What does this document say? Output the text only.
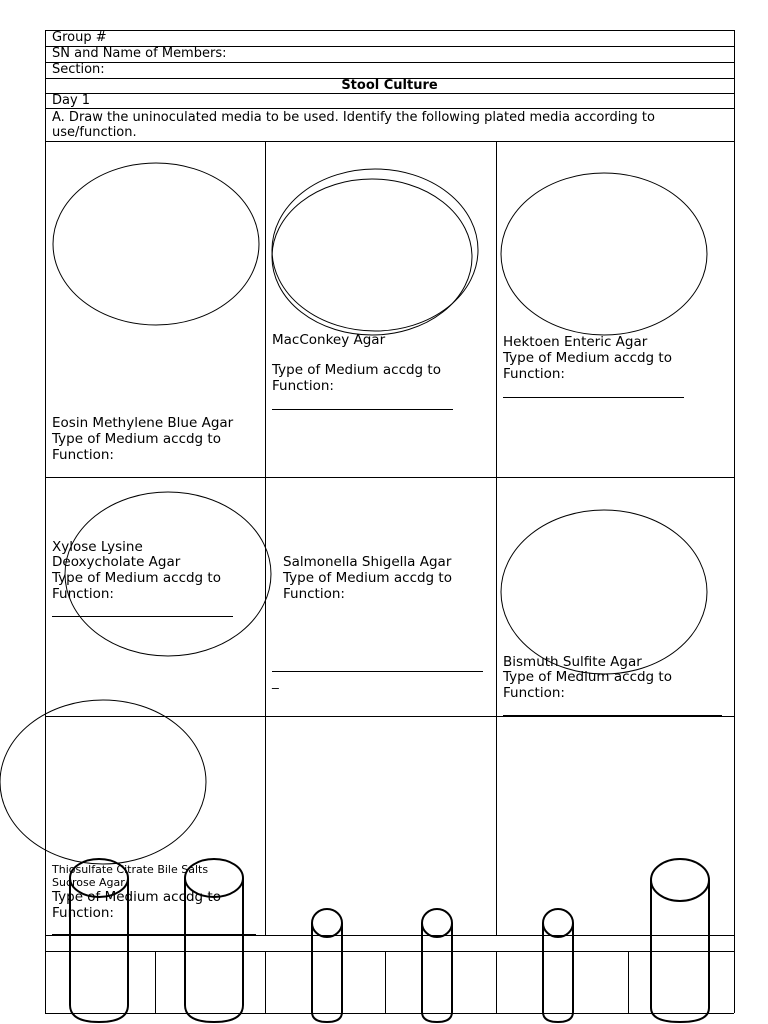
Group #
SN and Name of Members:
Section:
Stool Culture
Day 1
A. Draw the uninoculated media to be used. Identify the following plated media according to use/function.
Eosin Methylene Blue Agar
Type of Medium accdg to Function:
MacConkey Agar
Type of Medium accdg to Function:
Hektoen Enteric Agar
Type of Medium accdg to Function:
Xylose Lysine
Deoxycholate Agar
Type of Medium accdg to Function:
Salmonella Shigella Agar
Type of Medium accdg to Function:
_
Bismuth Sulfite Agar
Type of Medium accdg to Function:
Thiosulfate Citrate Bile Salts
Sucrose Agar
Type of Medium accdg to Function:
